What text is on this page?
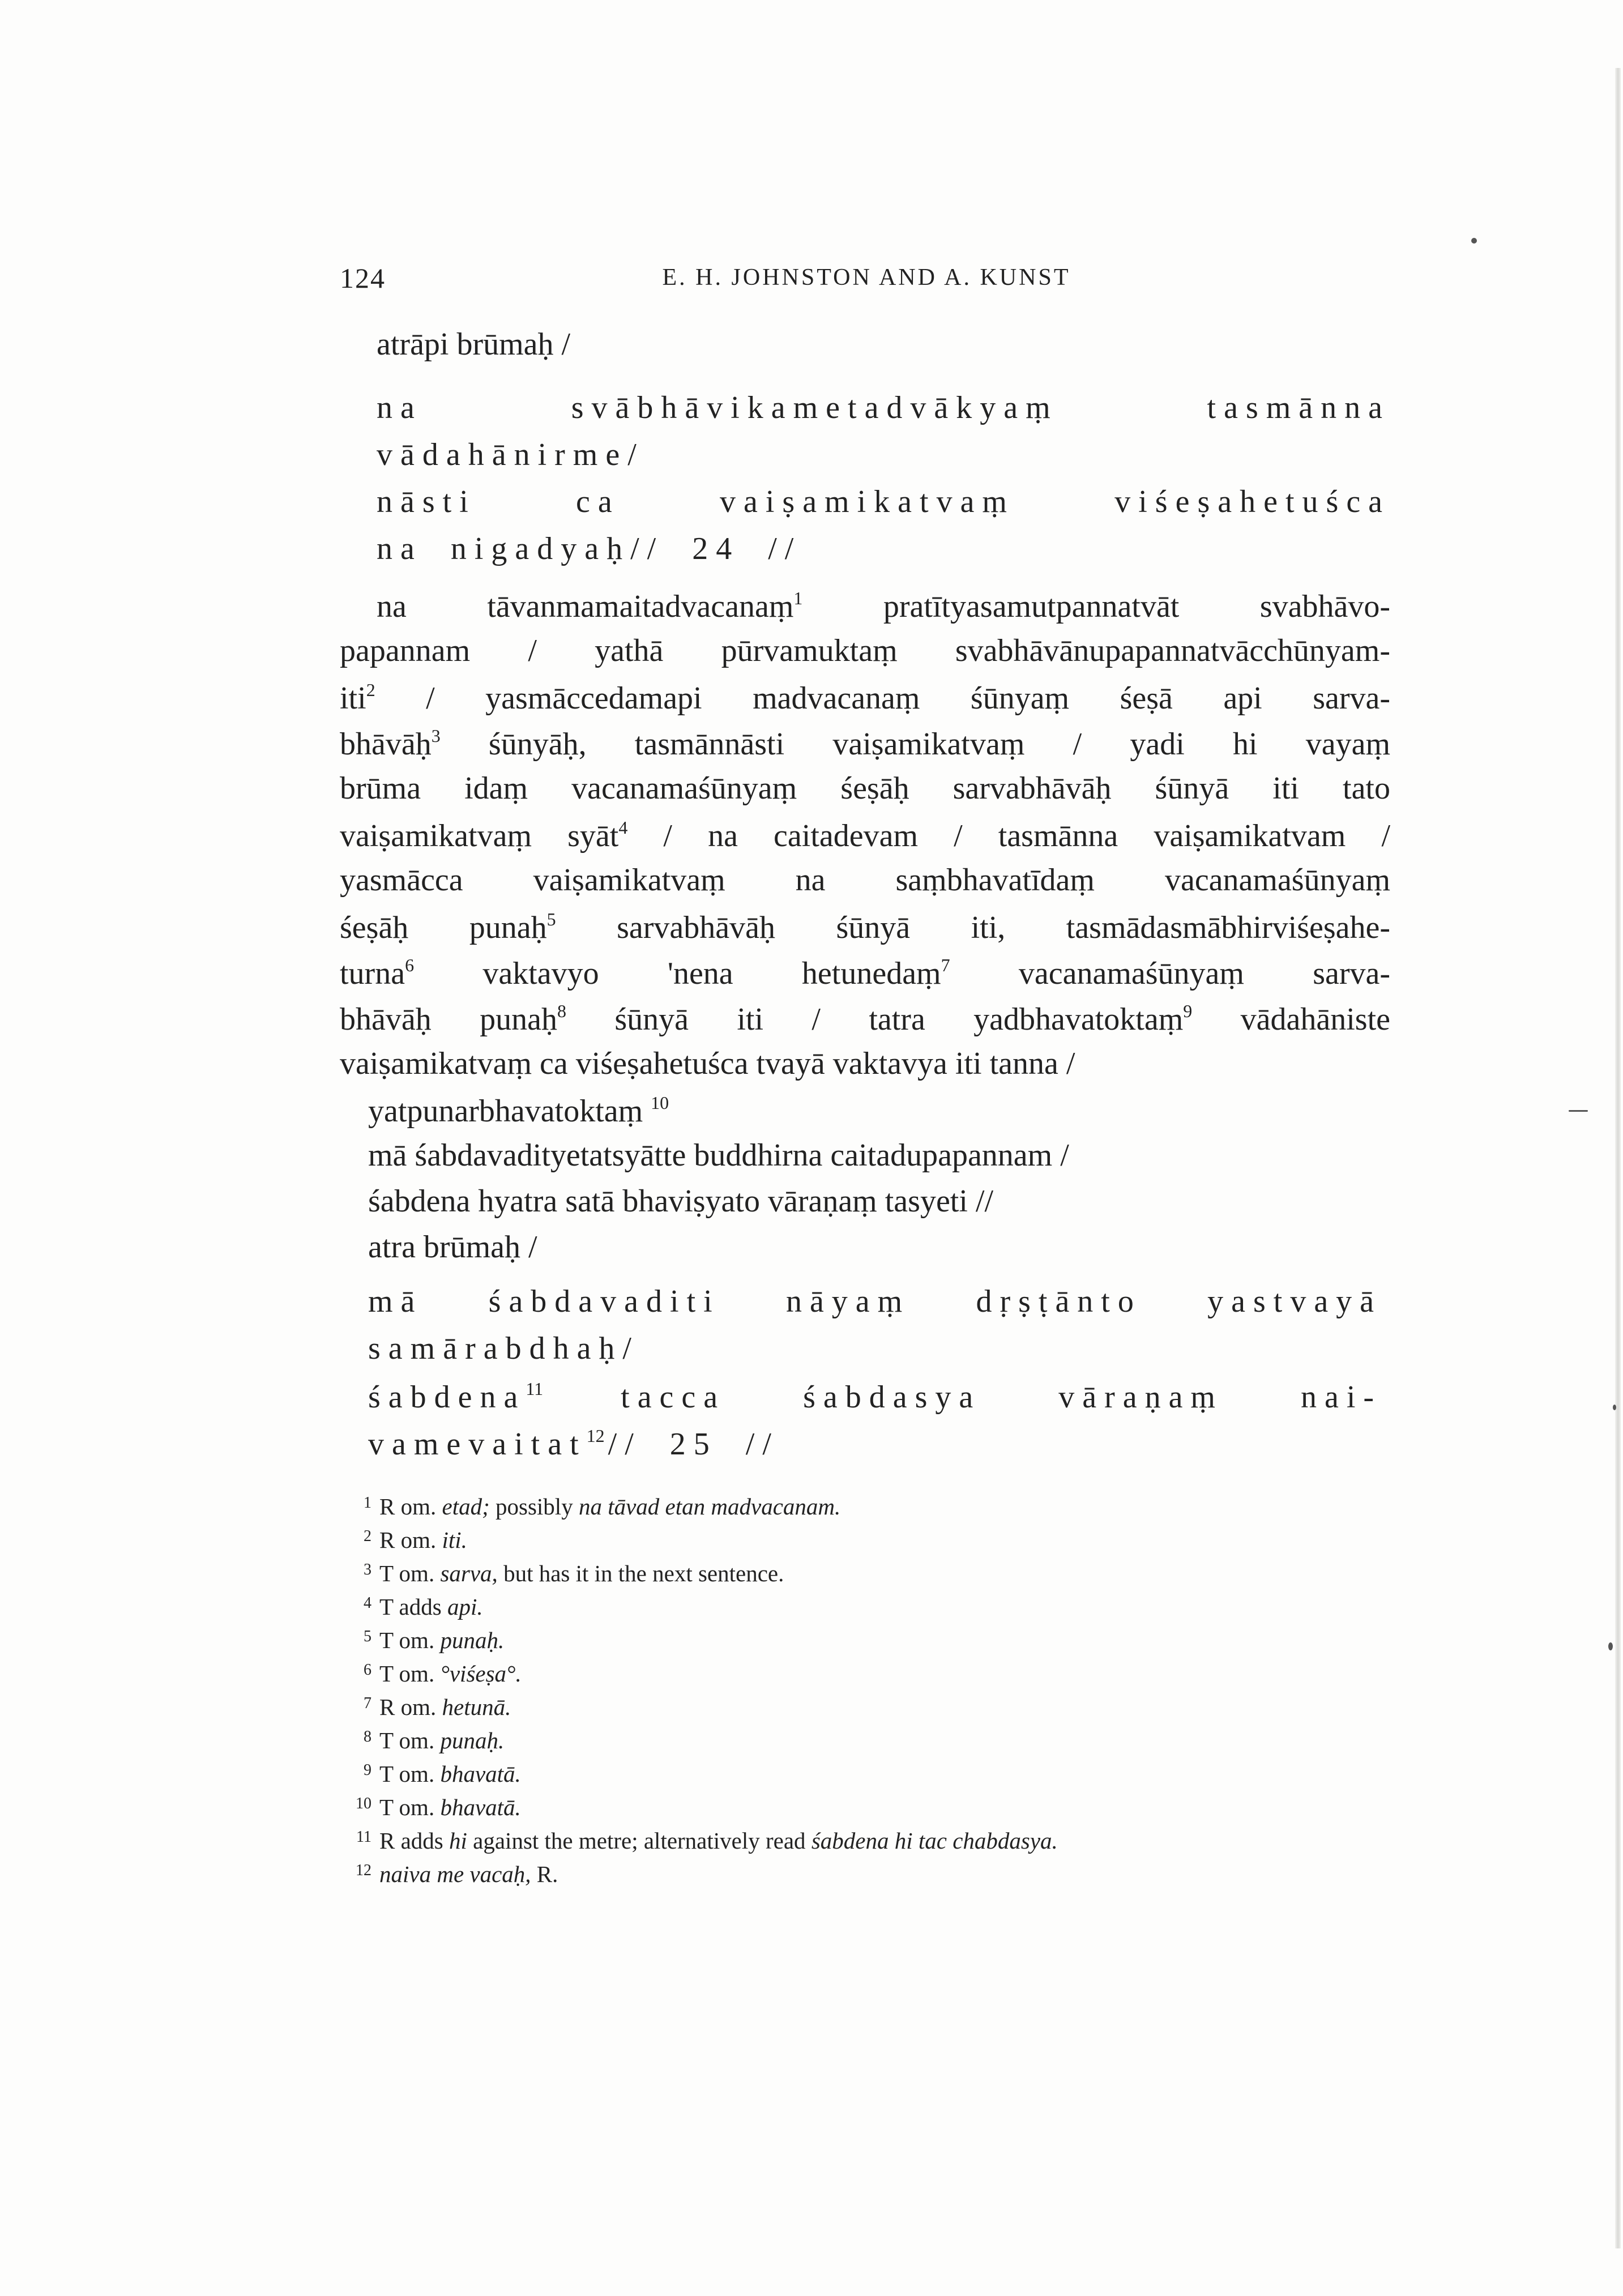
124	E. H. JOHNSTON AND A. KUNST
atrāpi brūmaḥ /
na	svābhāvikametadvākyaṃ	tasmānna
vādahānirme/
nāsti	ca	vaiṣamikatvaṃ	viśeṣahetuśca
na nigadyaḥ// 24 //
na tāvanmamaitadvacanaṃ$^1$ pratītyasamutpannatvāt svabhāvo-
papannam / yathā pūrvamuktaṃ svabhāvānupapannatvācchūnyam-
iti$^2$ / yasmāccedamapi madvacanaṃ śūnyaṃ śeṣā api sarva-
bhāvāḥ$^3$ śūnyāḥ, tasmānnāsti vaiṣamikatvaṃ / yadi hi vayaṃ
brūma idaṃ vacanamaśūnyaṃ śeṣāḥ sarvabhāvāḥ śūnyā iti tato
vaiṣamikatvaṃ syāt$^4$ / na caitadevam / tasmānna vaiṣamikatvam /
yasmācca vaiṣamikatvaṃ na saṃbhavatīdaṃ vacanamaśūnyaṃ
śeṣāḥ punaḥ$^5$ sarvabhāvāḥ śūnyā iti, tasmādasmābhirviśeṣahe-
turna$^6$ vaktavyo 'nena hetunedaṃ$^7$ vacanamaśūnyaṃ sarva-
bhāvāḥ punaḥ$^8$ śūnyā iti / tatra yadbhavatoktaṃ$^9$ vādahāniste
vaiṣamikatvaṃ ca viśeṣahetuśca tvayā vaktavya iti tanna /
yatpunarbhavatoktaṃ $^{10}$
mā śabdavadityetatsyātte buddhirna caitadupapannam /
śabdena hyatra satā bhaviṣyato vāraṇaṃ tasyeti //
atra brūmaḥ /
mā śabdavaditi nāyaṃ dṛṣṭānto yastvayā
samārabdhaḥ/
śabdena$^{11}$ tacca śabdasya vāraṇaṃ nai-
vamevaitat$^{12}$ // 25 //
1 R om. etad; possibly na tāvad etan madvacanam.
2 R om. iti.
3 T om. sarva, but has it in the next sentence.
4 T adds api.
5 T om. punaḥ.
6 T om. °viśeṣa°.
7 R om. hetunā.
8 T om. punaḥ.
9 T om. bhavatā.
10 T om. bhavatā.
11 R adds hi against the metre; alternatively read śabdena hi tac chabdasya.
12 naiva me vacaḥ, R.
